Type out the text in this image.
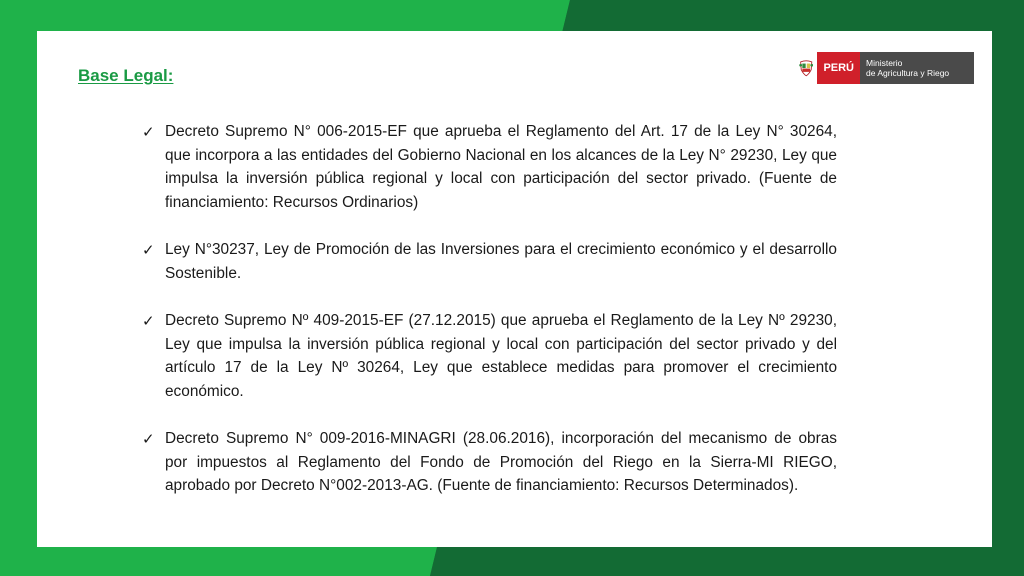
Base Legal:	PERÚ	Ministerio
de Agricultura y Riego
✓ Decreto Supremo N° 006-2015-EF que aprueba el Reglamento del Art. 17 de la Ley N° 30264, que incorpora a las entidades del Gobierno Nacional en los alcances de la Ley N° 29230, Ley que impulsa la inversión pública regional y local con participación del sector privado. (Fuente de financiamiento: Recursos Ordinarios)
✓ Ley N°30237, Ley de Promoción de las Inversiones para el crecimiento económico y el desarrollo Sostenible.
✓ Decreto Supremo Nº 409-2015-EF (27.12.2015) que aprueba el Reglamento de la Ley Nº 29230, Ley que impulsa la inversión pública regional y local con participación del sector privado y del artículo 17 de la Ley Nº 30264, Ley que establece medidas para promover el crecimiento económico.
✓ Decreto Supremo N° 009-2016-MINAGRI (28.06.2016), incorporación del mecanismo de obras por impuestos al Reglamento del Fondo de Promoción del Riego en la Sierra-MI RIEGO, aprobado por Decreto N°002-2013-AG. (Fuente de financiamiento: Recursos Determinados).
